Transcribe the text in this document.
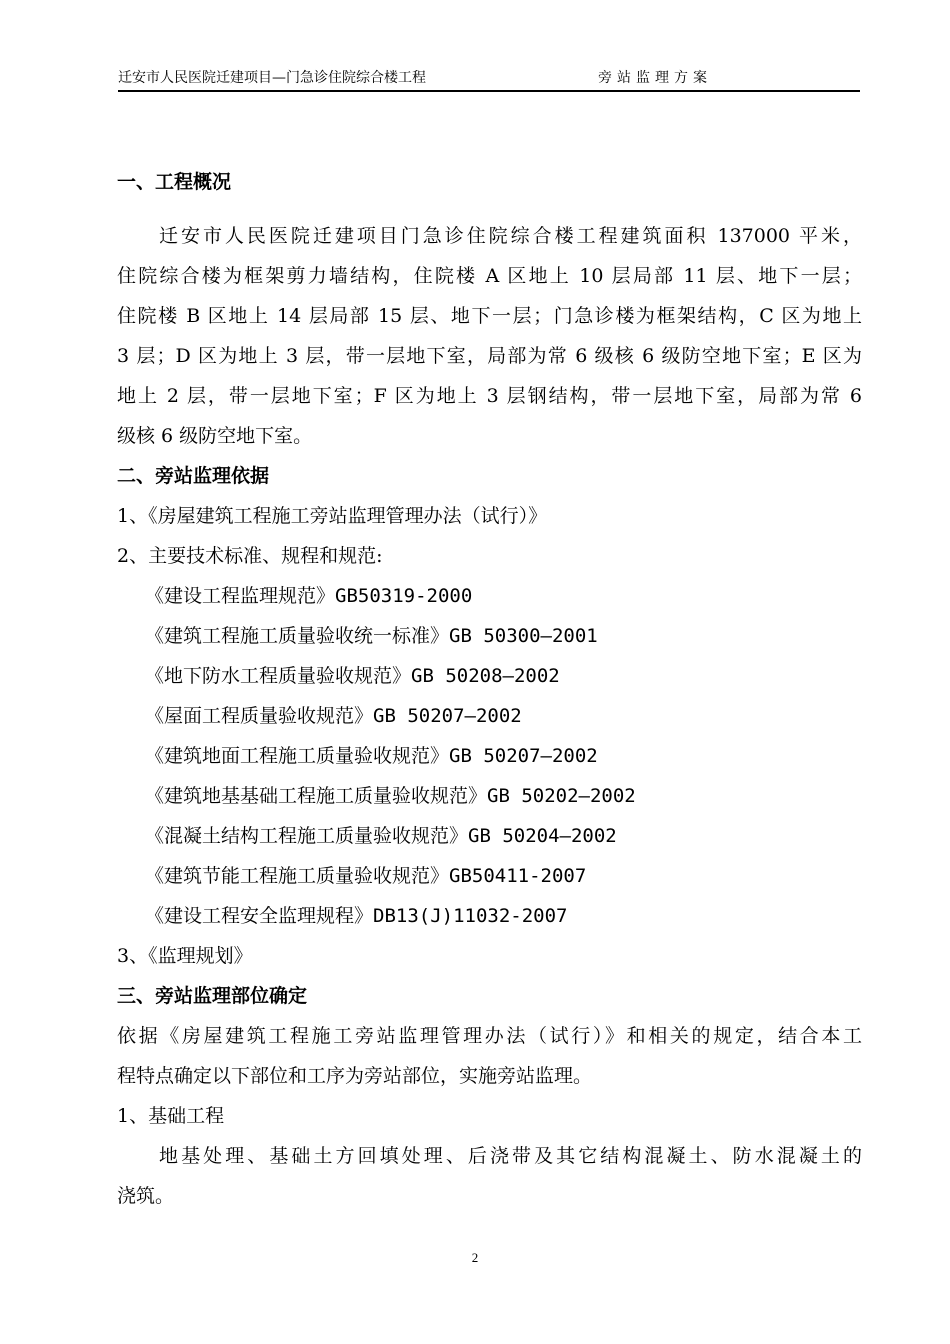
迁安市人民医院迁建项目—门急诊住院综合楼工程	旁站监理方案
一、工程概况
迁安市人民医院迁建项目门急诊住院综合楼工程建筑面积 137000 平米，
住院综合楼为框架剪力墙结构，住院楼 A 区地上 10 层局部 11 层、地下一层；
住院楼 B 区地上 14 层局部 15 层、地下一层；门急诊楼为框架结构，C 区为地上
3 层；D 区为地上 3 层，带一层地下室，局部为常 6 级核 6 级防空地下室；E 区为
地上 2 层，带一层地下室；F 区为地上 3 层钢结构，带一层地下室，局部为常 6
级核 6 级防空地下室。
二、旁站监理依据
1、《房屋建筑工程施工旁站监理管理办法（试行）》
2、主要技术标准、规程和规范:
《建设工程监理规范》GB50319-2000
《建筑工程施工质量验收统一标准》GB 50300—2001
《地下防水工程质量验收规范》GB 50208—2002
《屋面工程质量验收规范》GB 50207—2002
《建筑地面工程施工质量验收规范》GB 50207—2002
《建筑地基基础工程施工质量验收规范》GB 50202—2002
《混凝土结构工程施工质量验收规范》GB 50204—2002
《建筑节能工程施工质量验收规范》GB50411-2007
《建设工程安全监理规程》DB13(J)11032-2007
3、《监理规划》
三、旁站监理部位确定
依据《房屋建筑工程施工旁站监理管理办法（试行）》和相关的规定，结合本工
程特点确定以下部位和工序为旁站部位，实施旁站监理。
1、基础工程
地基处理、基础土方回填处理、后浇带及其它结构混凝土、防水混凝土的
浇筑。
2
